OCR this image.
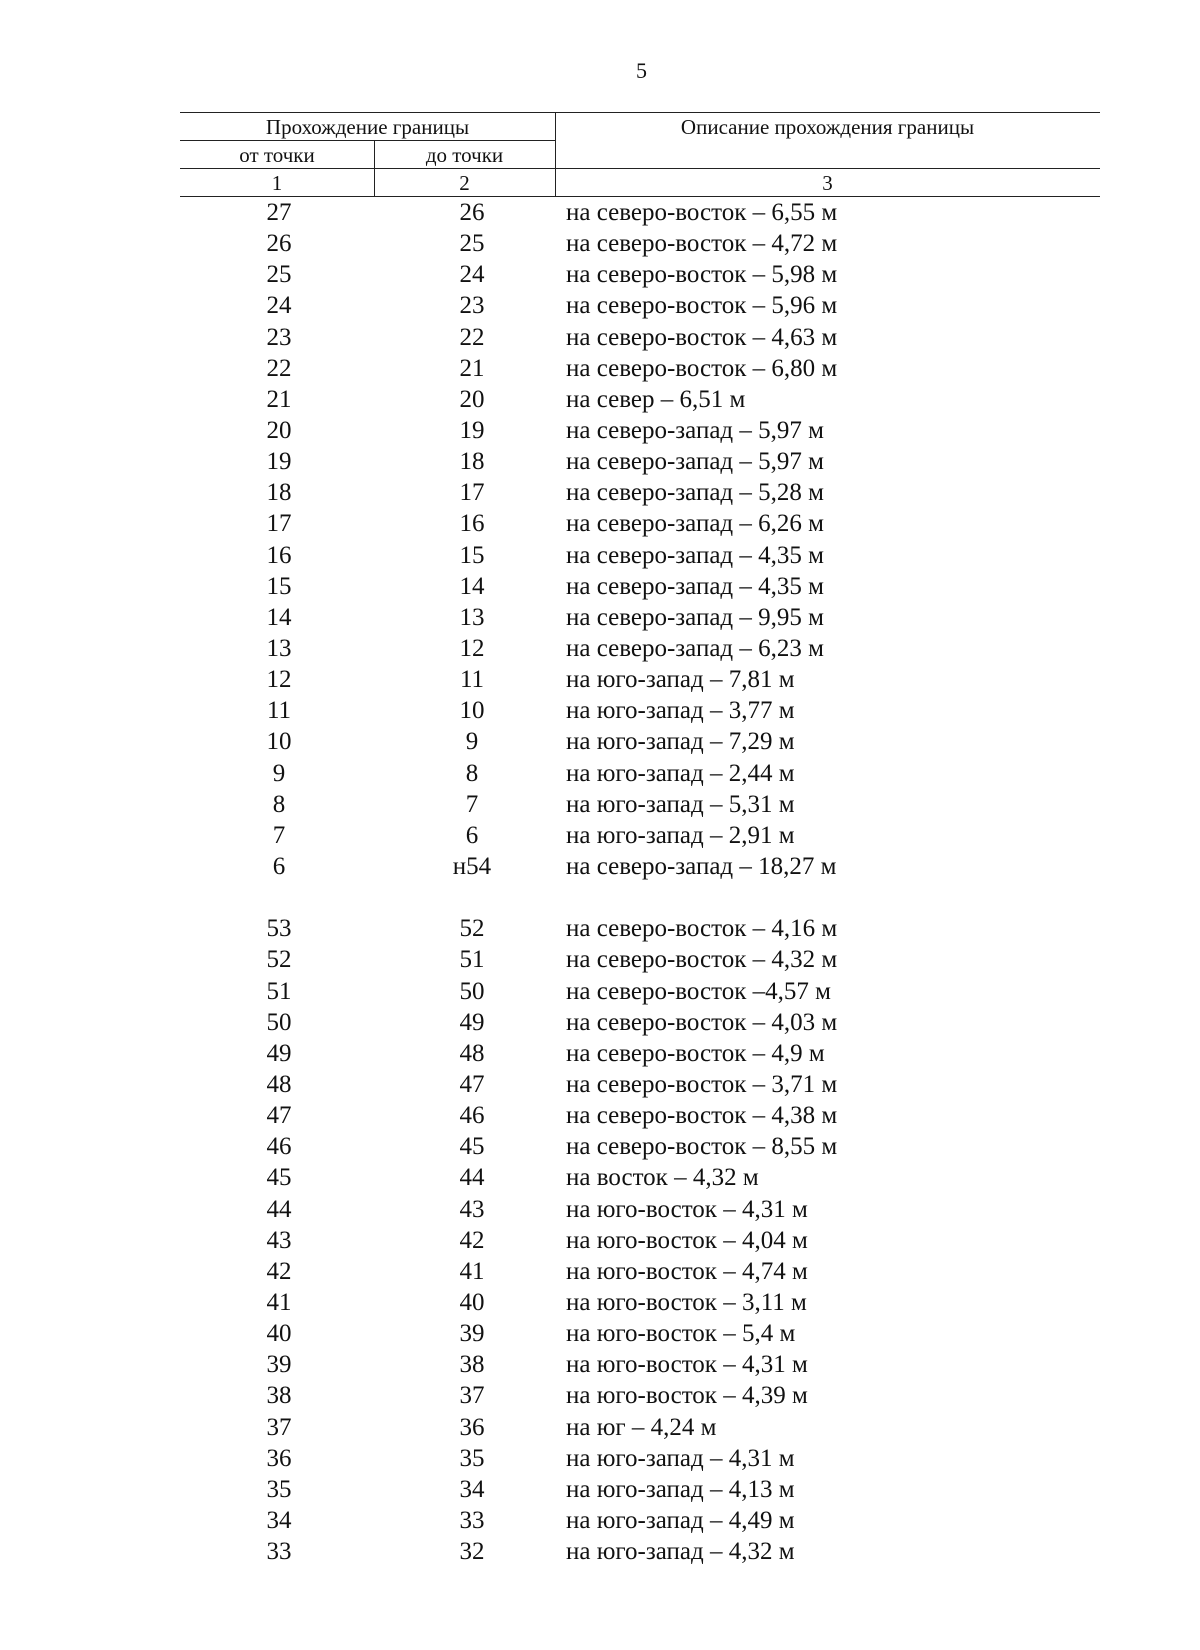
5
Прохождение границы	Описание прохождения границы
от точки	до точки
1	2	3
27	26	на северо-восток – 6,55 м
26	25	на северо-восток – 4,72 м
25	24	на северо-восток – 5,98 м
24	23	на северо-восток – 5,96 м
23	22	на северо-восток – 4,63 м
22	21	на северо-восток – 6,80 м
21	20	на север – 6,51 м
20	19	на северо-запад – 5,97 м
19	18	на северо-запад – 5,97 м
18	17	на северо-запад – 5,28 м
17	16	на северо-запад – 6,26 м
16	15	на северо-запад – 4,35 м
15	14	на северо-запад – 4,35 м
14	13	на северо-запад – 9,95 м
13	12	на северо-запад – 6,23 м
12	11	на юго-запад – 7,81 м
11	10	на юго-запад – 3,77 м
10	9	на юго-запад – 7,29 м
9	8	на юго-запад – 2,44 м
8	7	на юго-запад – 5,31 м
7	6	на юго-запад – 2,91 м
6	н54	на северо-запад – 18,27 м
53	52	на северо-восток – 4,16 м
52	51	на северо-восток – 4,32 м
51	50	на северо-восток –4,57 м
50	49	на северо-восток – 4,03 м
49	48	на северо-восток – 4,9 м
48	47	на северо-восток – 3,71 м
47	46	на северо-восток – 4,38 м
46	45	на северо-восток – 8,55 м
45	44	на восток – 4,32 м
44	43	на юго-восток – 4,31 м
43	42	на юго-восток – 4,04 м
42	41	на юго-восток – 4,74 м
41	40	на юго-восток – 3,11 м
40	39	на юго-восток – 5,4 м
39	38	на юго-восток – 4,31 м
38	37	на юго-восток – 4,39 м
37	36	на юг – 4,24 м
36	35	на юго-запад – 4,31 м
35	34	на юго-запад – 4,13 м
34	33	на юго-запад – 4,49 м
33	32	на юго-запад – 4,32 м
